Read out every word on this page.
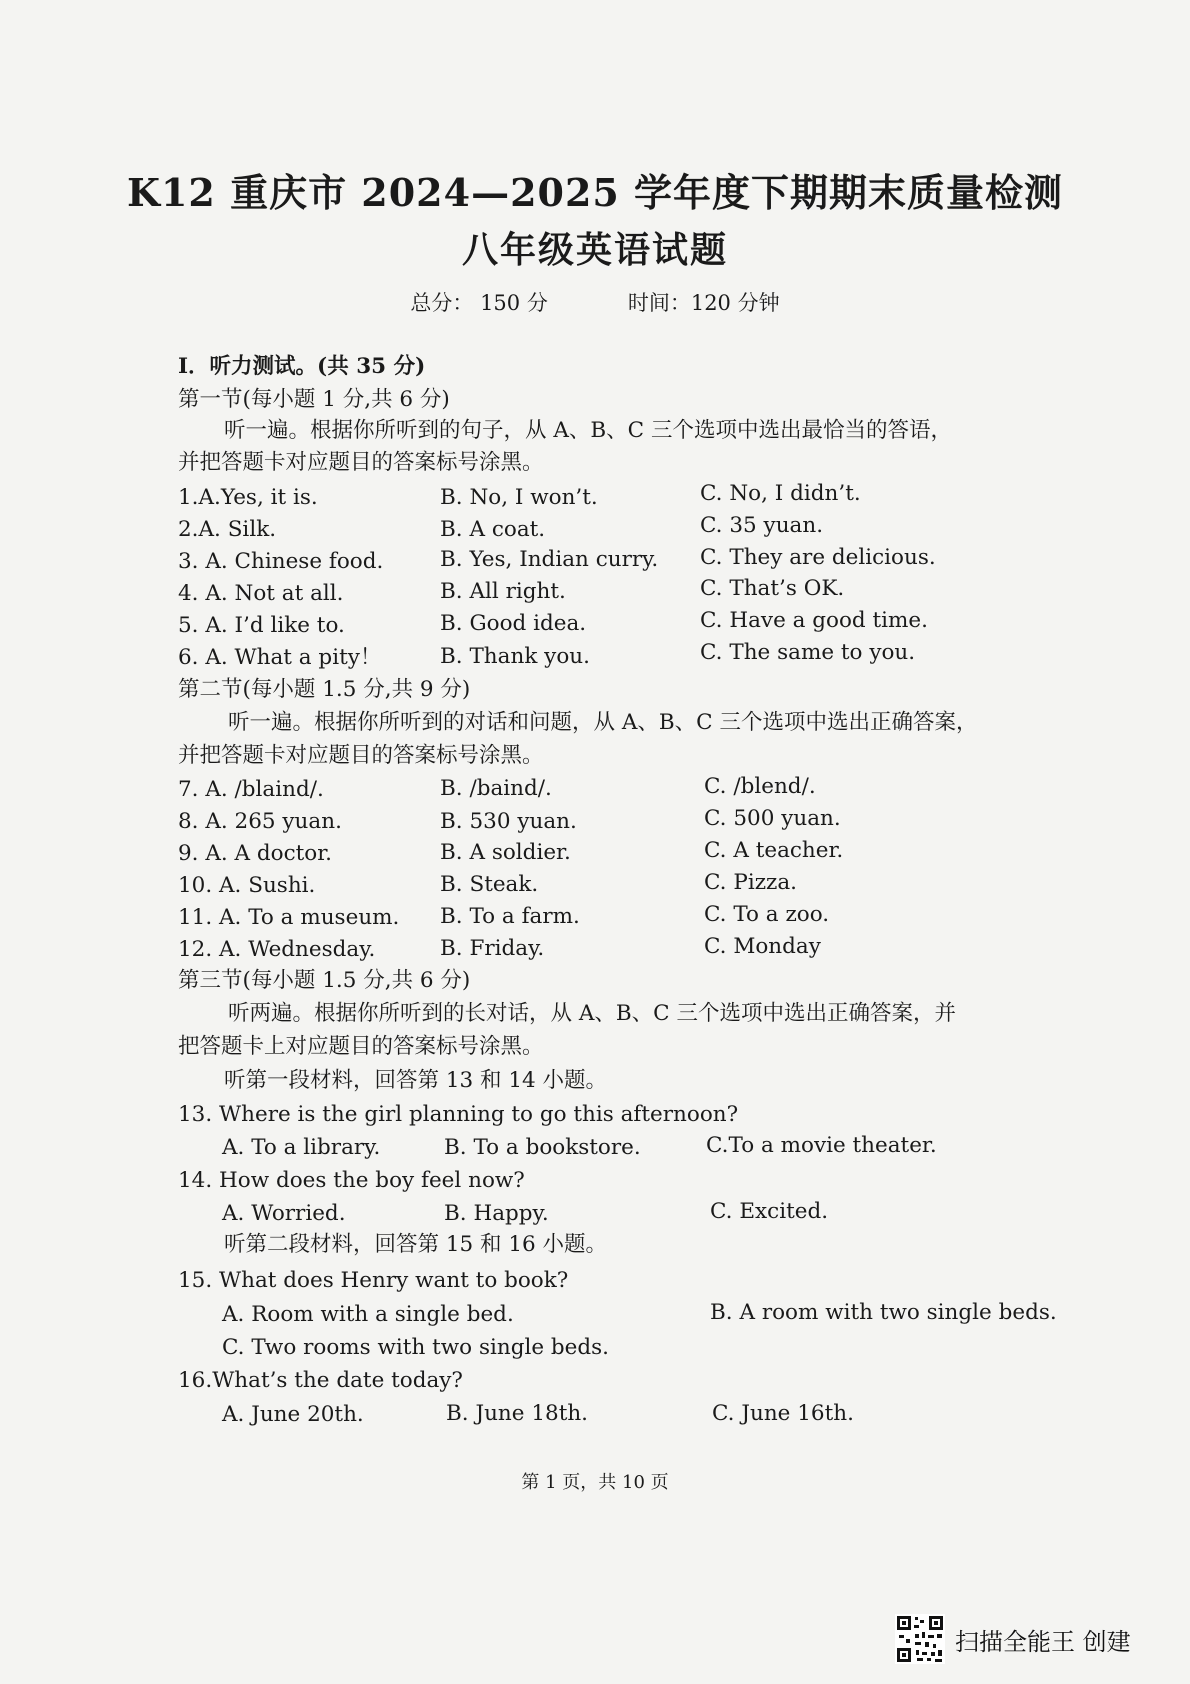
K12 重庆市 2024—2025 学年度下期期末质量检测
八年级英语试题
总分： 150 分	时间：120 分钟
Ⅰ．听力测试。(共 35 分)
第一节(每小题 1 分,共 6 分)
听一遍。根据你所听到的句子，从 A、B、C 三个选项中选出最恰当的答语，
并把答题卡对应题目的答案标号涂黑。
1.A.Yes, it is.	B. No, I won’t.	C. No, I didn’t.
2.A. Silk.	B. A coat.	C. 35 yuan.
3. A. Chinese food.	B. Yes, Indian curry. C. They are delicious.
4. A. Not at all.	B. All right.	C. That’s OK.
5. A. I’d like to.	B. Good idea.	C. Have a good time.
6. A. What a pity！	B. Thank you.	C. The same to you.
第二节(每小题 1.5 分,共 9 分)
听一遍。根据你所听到的对话和问题，从 A、B、C 三个选项中选出正确答案，
并把答题卡对应题目的答案标号涂黑。
7. A. /blaind/.	B. /baind/.	C. /blend/.
8. A. 265 yuan.	B. 530 yuan.	C. 500 yuan.
9. A. A doctor.	B. A soldier.	C. A teacher.
10. A. Sushi.	B. Steak.	C. Pizza.
11. A. To a museum. B. To a farm.	C. To a zoo.
12. A. Wednesday.	B. Friday.	C. Monday
第三节(每小题 1.5 分,共 6 分)
听两遍。根据你所听到的长对话，从 A、B、C 三个选项中选出正确答案，并
把答题卡上对应题目的答案标号涂黑。
听第一段材料，回答第 13 和 14 小题。
13. Where is the girl planning to go this afternoon?
A. To a library.	B. To a bookstore.	C.To a movie theater.
14. How does the boy feel now?
A. Worried.	B. Happy.	C. Excited.
听第二段材料，回答第 15 和 16 小题。
15. What does Henry want to book?
A. Room with a single bed.	B. A room with two single beds.
C. Two rooms with two single beds.
16.What’s the date today?
A. June 20th.	B. June 18th.	C. June 16th.
第 1 页，共 10 页
扫描全能王 创建
